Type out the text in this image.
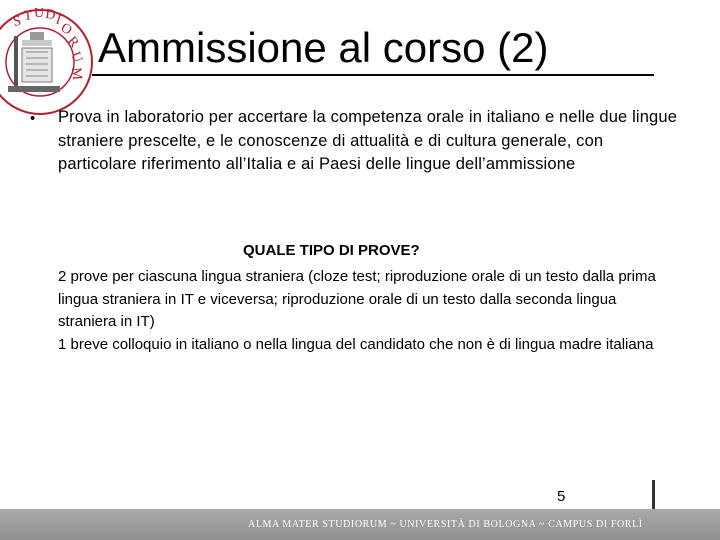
S T U D
I
O
R
U
M
Ammissione al corso (2)
• Prova in laboratorio per accertare la competenza orale in italiano e nelle due lingue straniere prescelte, e le conoscenze di attualità e di cultura generale, con particolare riferimento all’Italia e ai Paesi delle lingue dell’ammissione
QUALE TIPO DI PROVE?

2 prove per ciascuna lingua straniera (cloze test; riproduzione orale di un testo dalla prima lingua straniera in IT e viceversa; riproduzione orale di un testo dalla seconda lingua straniera in IT)

1 breve colloquio in italiano o nella lingua del candidato che non è di lingua madre italiana

5
ALMA MATER STUDIORUM ~ UNIVERSITÀ DI BOLOGNA ~ CAMPUS DI FORLÌ
